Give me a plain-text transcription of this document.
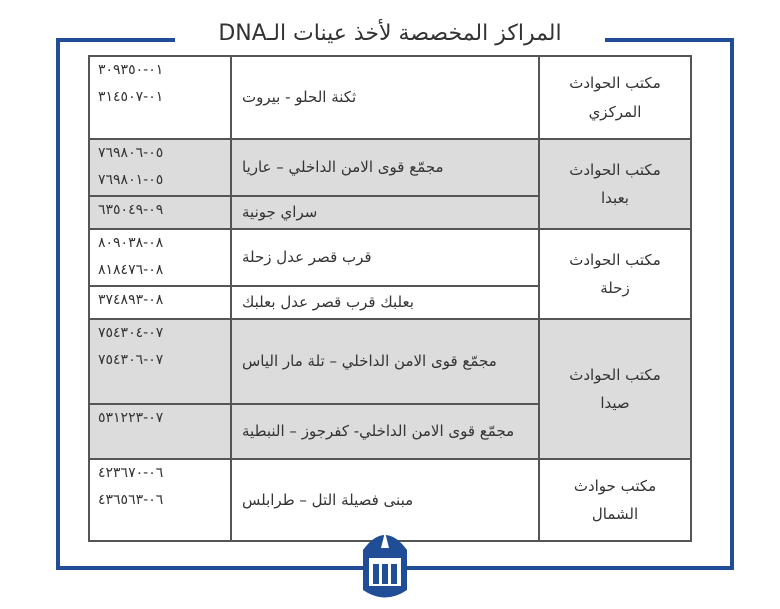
المراكز المخصصة لأخذ عينات الـDNA
مكتب الحوادث المركزي
ثكنة الحلو - بيروت
٠١-٣٠٩٣٥٠
٠١-٣١٤٥٠٧
مكتب الحوادث بعبدا
مجمّع قوى الامن الداخلي – عاريا
٠٥-٧٦٩٨٠٦
٠٥-٧٦٩٨٠١
سراي جونية
٠٩-٦٣٥٠٤٩
مكتب الحوادث زحلة
قرب قصر عدل زحلة
٠٨-٨٠٩٠٣٨
٠٨-٨١٨٤٧٦
بعلبك قرب قصر عدل بعلبك
٠٨-٣٧٤٨٩٣
مكتب الحوادث صيدا
مجمّع قوى الامن الداخلي – تلة مار الياس
٠٧-٧٥٤٣٠٤
٠٧-٧٥٤٣٠٦
مجمّع قوى الامن الداخلي- كفرجوز – النبطية
٠٧-٥٣١٢٢٣
مكتب حوادث الشمال
مبنى فصيلة التل – طرابلس
٠٦-٤٢٣٦٧٠
٠٦-٤٣٦٥٦٣
